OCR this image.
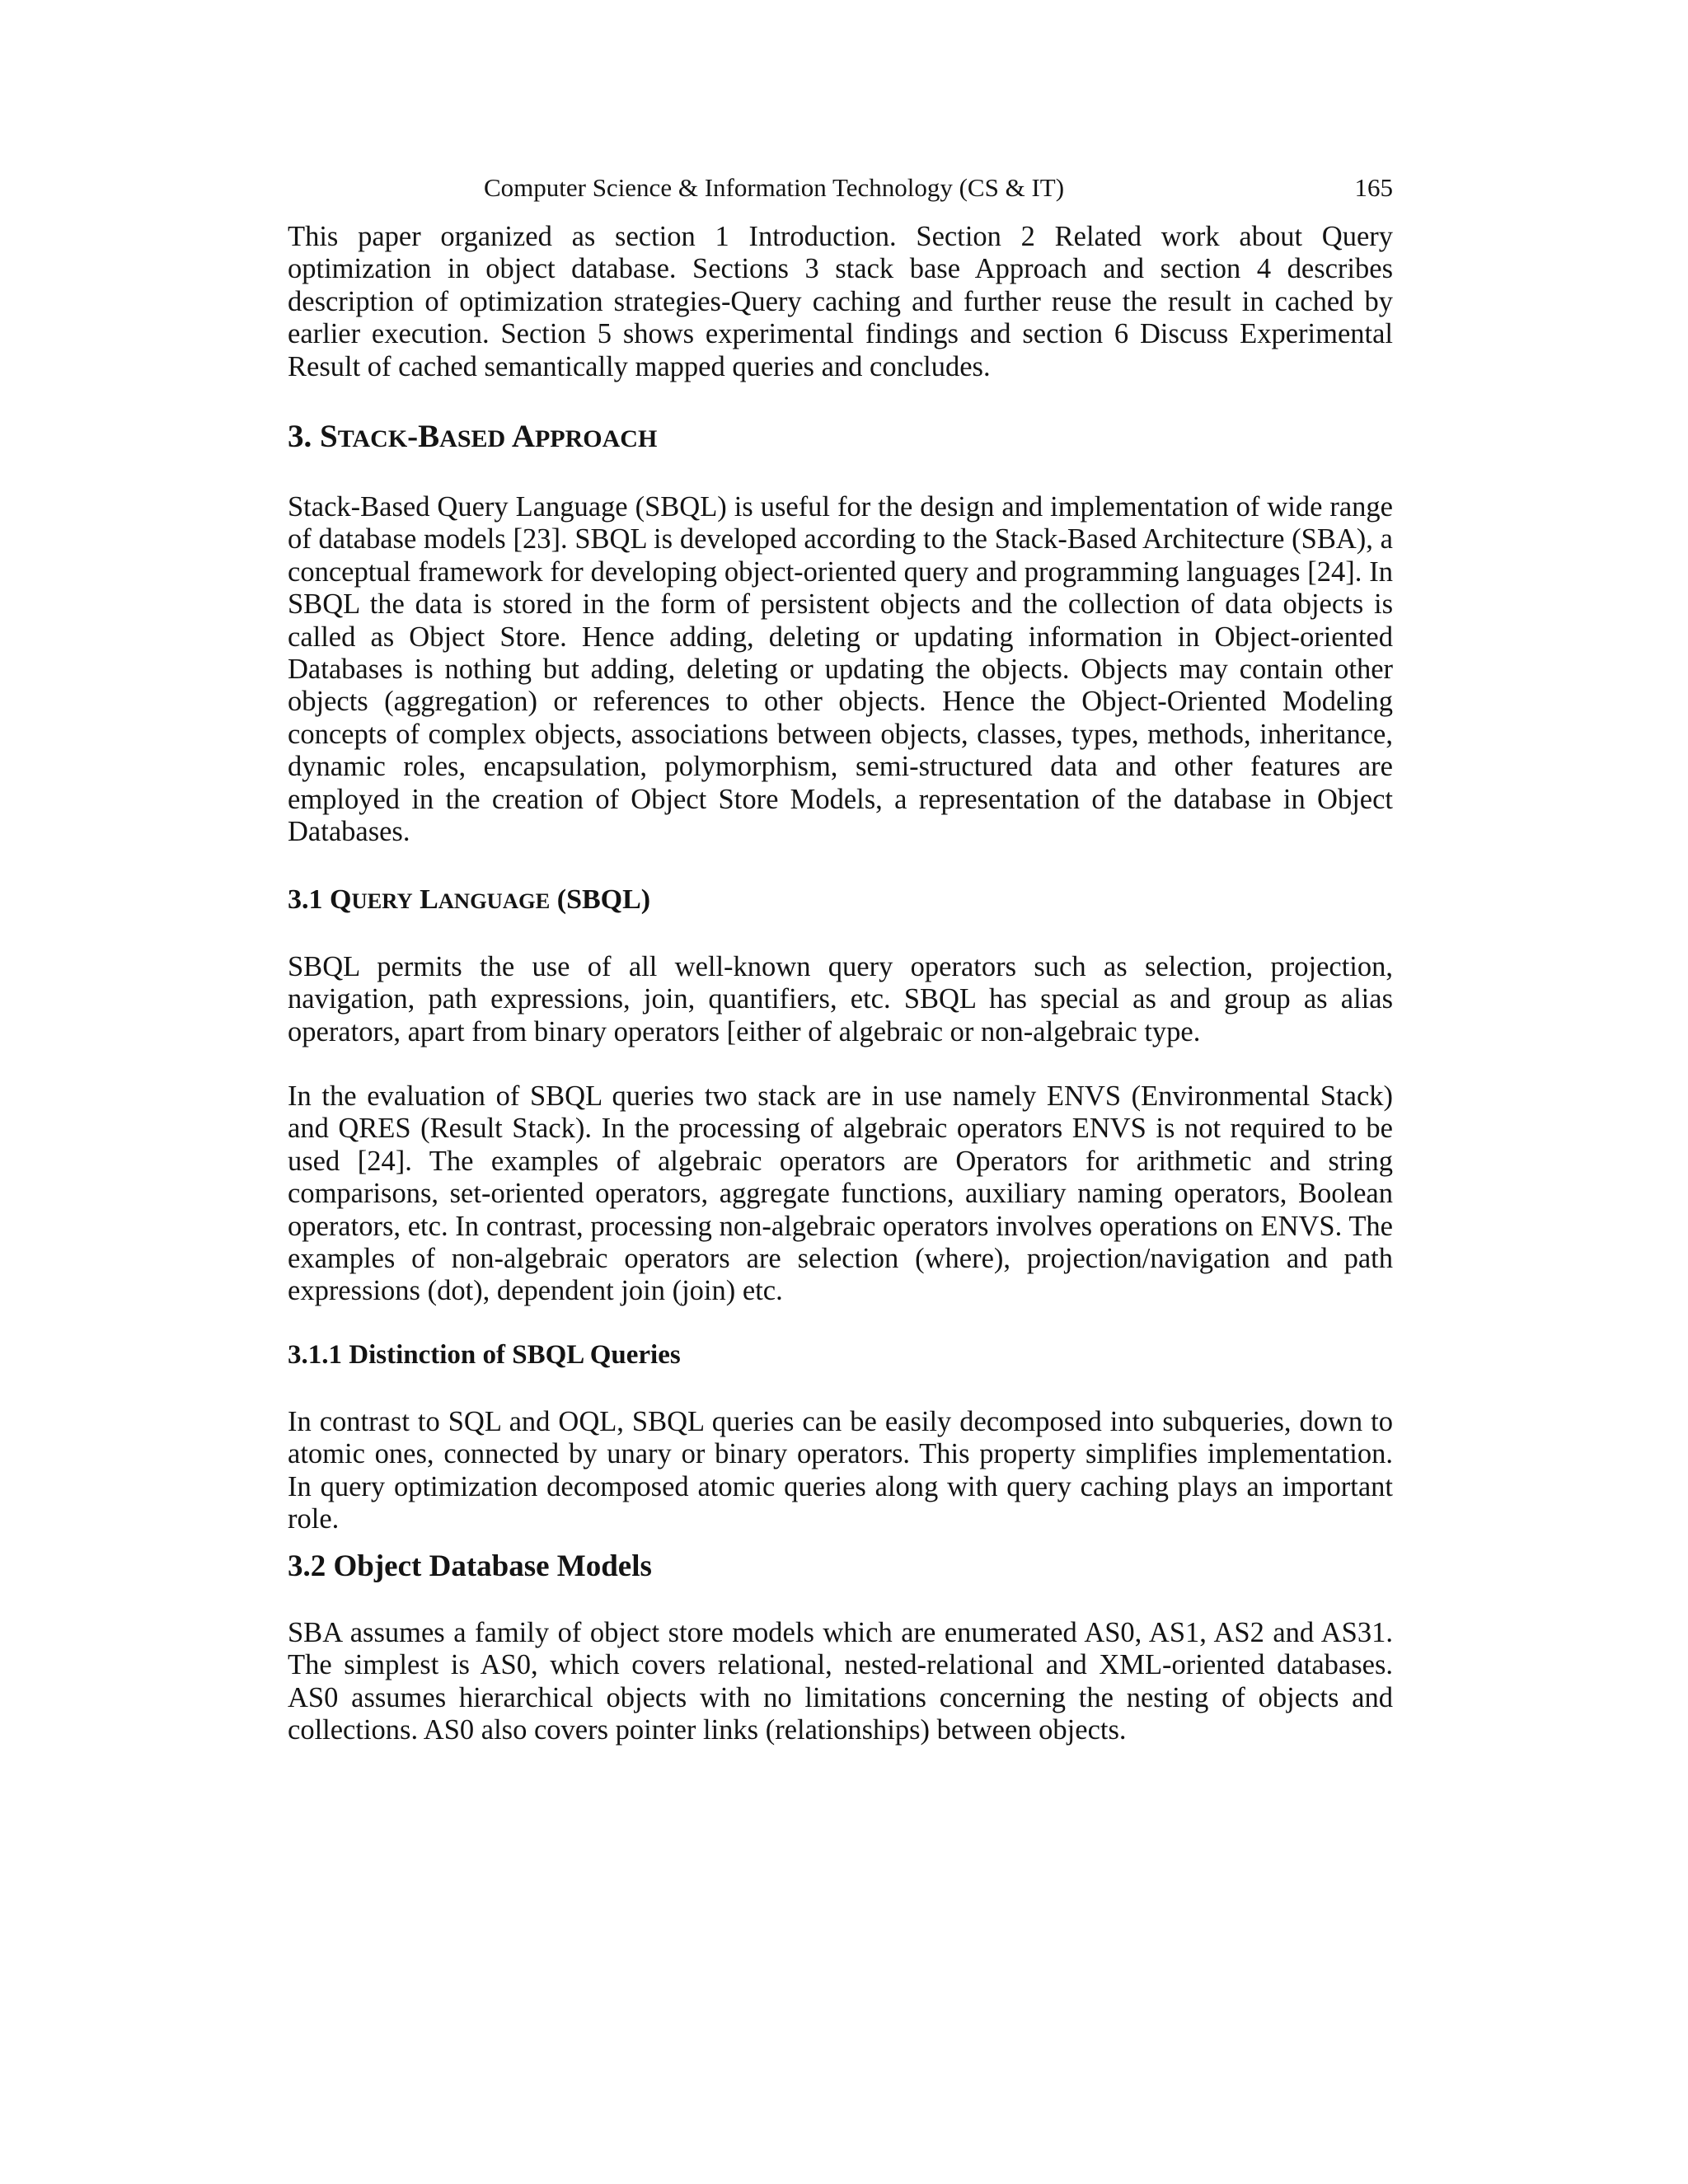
Computer Science & Information Technology (CS & IT)	165

This paper organized as section 1 Introduction. Section 2 Related work about Query optimization in object database. Sections 3 stack base Approach and section 4 describes description of optimization strategies-Query caching and further reuse the result in cached by earlier execution. Section 5 shows experimental findings and section 6 Discuss Experimental Result of cached semantically mapped queries and concludes.

3. STACK-BASED APPROACH

Stack-Based Query Language (SBQL) is useful for the design and implementation of wide range of database models [23]. SBQL is developed according to the Stack-Based Architecture (SBA), a conceptual framework for developing object-oriented query and programming languages [24]. In SBQL the data is stored in the form of persistent objects and the collection of data objects is called as Object Store. Hence adding, deleting or updating information in Object-oriented Databases is nothing but adding, deleting or updating the objects. Objects may contain other objects (aggregation) or references to other objects. Hence the Object-Oriented Modeling concepts of complex objects, associations between objects, classes, types, methods, inheritance, dynamic roles, encapsulation, polymorphism, semi-structured data and other features are employed in the creation of Object Store Models, a representation of the database in Object Databases.

3.1 QUERY LANGUAGE (SBQL)

SBQL permits the use of all well-known query operators such as selection, projection, navigation, path expressions, join, quantifiers, etc. SBQL has special as and group as alias operators, apart from binary operators [either of algebraic or non-algebraic type.

In the evaluation of SBQL queries two stack are in use namely ENVS (Environmental Stack) and QRES (Result Stack). In the processing of algebraic operators ENVS is not required to be used [24]. The examples of algebraic operators are Operators for arithmetic and string comparisons, set-oriented operators, aggregate functions, auxiliary naming operators, Boolean operators, etc. In contrast, processing non-algebraic operators involves operations on ENVS. The examples of non-algebraic operators are selection (where), projection/navigation and path expressions (dot), dependent join (join) etc.

3.1.1 Distinction of SBQL Queries

In contrast to SQL and OQL, SBQL queries can be easily decomposed into subqueries, down to atomic ones, connected by unary or binary operators. This property simplifies implementation. In query optimization decomposed atomic queries along with query caching plays an important role.

3.2 Object Database Models

SBA assumes a family of object store models which are enumerated AS0, AS1, AS2 and AS31. The simplest is AS0, which covers relational, nested-relational and XML-oriented databases. AS0 assumes hierarchical objects with no limitations concerning the nesting of objects and collections. AS0 also covers pointer links (relationships) between objects.
